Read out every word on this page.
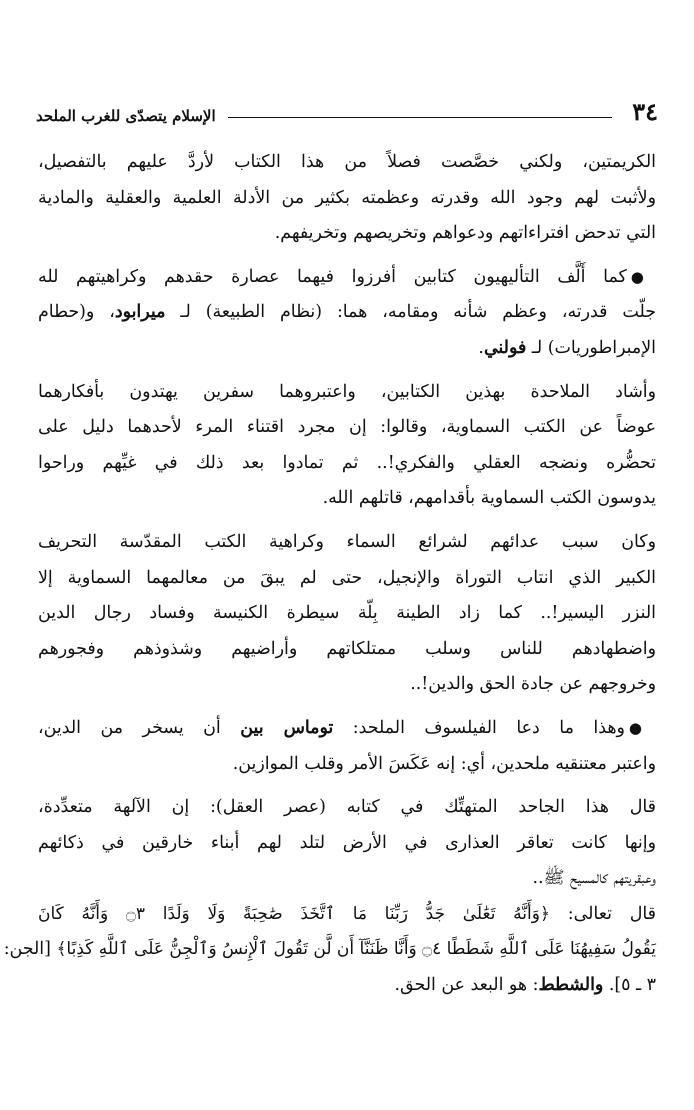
٣٤
الإسلام يتصدّى للغرب الملحد
الكريمتين، ولكني خصَّصت فصلاً من هذا الكتاب لأردَّ عليهم بالتفصيل،
ولأثبت لهم وجود الله وقدرته وعظمته بكثير من الأدلة العلمية والعقلية والمادية
التي تدحض افتراءاتهم ودعواهم وتخريصهم وتخريفهم.
●كما أَلَّف التأليهيون كتابين أفرزوا فيهما عصارة حقدهم وكراهيتهم لله
جلّت قدرته، وعظم شأنه ومقامه، هما: (نظام الطبيعة) لـ ميرابود، و(حطام
الإمبراطوريات) لـ فولني.
وأشاد الملاحدة بهذين الكتابين، واعتبروهما سفرين يهتدون بأفكارهما
عوضاً عن الكتب السماوية، وقالوا: إن مجرد اقتناء المرء لأحدهما دليل على
تحضُّره ونضجه العقلي والفكري!.. ثم تمادوا بعد ذلك في غيِّهم وراحوا
يدوسون الكتب السماوية بأقدامهم، قاتلهم الله.
وكان سبب عدائهم لشرائع السماء وكراهية الكتب المقدّسة التحريف
الكبير الذي انتاب التوراة والإنجيل، حتى لم يبقَ من معالمهما السماوية إلا
النزر اليسير!.. كما زاد الطينة بِلّة سيطرة الكنيسة وفساد رجال الدين
واضطهادهم للناس وسلب ممتلكاتهم وأراضيهم وشذوذهم وفجورهم
وخروجهم عن جادة الحق والدين!..
●وهذا ما دعا الفيلسوف الملحد: توماس بين أن يسخر من الدين،
واعتبر معتنقيه ملحدين، أي: إنه عَكَسَ الأمر وقلب الموازين.
قال هذا الجاحد المتهتِّك في كتابه (عصر العقل): إن الآلهة متعدِّدة،
وإنها كانت تعاقر العذارى في الأرض لتلد لهم أبناء خارقين في ذكائهم
وعبقريتهم كالمسيح ﷺ..
قال تعالى: ﴿وَأَنَّهُ تَعَٰلَىٰ جَدُّ رَبِّنَا مَا ٱتَّخَذَ صَٰحِبَةً وَلَا وَلَدًا ۝٣ وَأَنَّهُ كَانَ
يَقُولُ سَفِيهُنَا عَلَى ٱللَّهِ شَطَطًا ۝٤ وَأَنَّا ظَنَنَّآ أَن لَّن تَقُولَ ٱلْإِنسُ وَٱلْجِنُّ عَلَى ٱللَّهِ كَذِبًا﴾ [الجن:
٣ ـ ٥]. والشطط: هو البعد عن الحق.
